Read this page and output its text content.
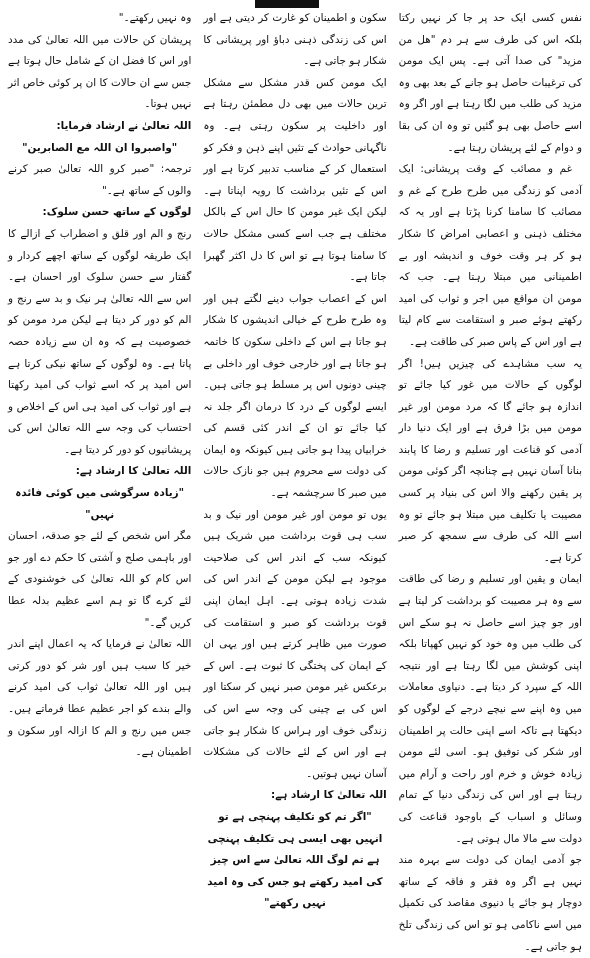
نفس کسی ایک حد پر جا کر نہیں رکتا بلکہ اس کی طرف سے ہر دم "ھل من مزید" کی صدا آتی ہے۔ پس ایک مومن کی ترغیبات حاصل ہو جانے کے بعد بھی وہ مزید کی طلب میں لگا رہتا ہے اور اگر وہ اسے حاصل بھی ہو گئیں تو وہ ان کی بقا و دوام کے لئے پریشان رہتا ہے۔

غم و مصائب کے وقت پریشانی: ایک آدمی کو زندگی میں طرح طرح کے غم و مصائب کا سامنا کرنا پڑتا ہے اور یہ کہ مختلف ذہنی و اعصابی امراض کا شکار ہو کر ہر وقت خوف و اندیشہ اور بے اطمینانی میں مبتلا رہتا ہے۔ جب کہ مومن ان مواقع میں اجر و ثواب کی امید رکھتے ہوئے صبر و استقامت سے کام لیتا ہے اور اس کے پاس صبر کی طاقت ہے۔

یہ سب مشاہدے کی چیزیں ہیں! اگر لوگوں کے حالات میں غور کیا جائے تو اندازہ ہو جائے گا کہ مرد مومن اور غیر مومن میں بڑا فرق ہے اور ایک دنیا دار آدمی کو قناعت اور تسلیم و رضا کا پابند بنانا آسان نہیں ہے چنانچہ اگر کوئی مومن پر یقین رکھنے والا اس کی بنیاد پر کسی مصیبت یا تکلیف میں مبتلا ہو جائے تو وہ اسے اللہ کی طرف سے سمجھ کر صبر کرتا ہے۔

ایمان و یقین اور تسلیم و رضا کی طاقت سے وہ ہر مصیبت کو برداشت کر لیتا ہے اور جو چیز اسے حاصل نہ ہو سکے اس کی طلب میں وہ خود کو نہیں کھپاتا بلکہ اپنی کوشش میں لگا رہتا ہے اور نتیجہ اللہ کے سپرد کر دیتا ہے۔ دنیاوی معاملات میں وہ اپنے سے نیچے درجے کے لوگوں کو دیکھتا ہے تاکہ اسے اپنی حالت پر اطمینان اور شکر کی توفیق ہو۔ اسی لئے مومن زیادہ خوش و خرم اور راحت و آرام میں رہتا ہے اور اس کی زندگی دنیا کے تمام وسائل و اسباب کے باوجود قناعت کی دولت سے مالا مال ہوتی ہے۔

جو آدمی ایمان کی دولت سے بہرہ مند نہیں ہے اگر وہ فقر و فاقہ کے ساتھ دوچار ہو جائے یا دنیوی مقاصد کی تکمیل میں اسے ناکامی ہو تو اس کی زندگی تلخ ہو جاتی ہے۔

سکون و اطمینان کو غارت کر دیتی ہے اور اس کی زندگی ذہنی دباؤ اور پریشانی کا شکار ہو جاتی ہے۔

ایک مومن کس قدر مشکل سے مشکل ترین حالات میں بھی دل مطمئن رہتا ہے اور داخلیت پر سکون رہتی ہے۔ وہ ناگہانی حوادث کے تئیں اپنے ذہن و فکر کو استعمال کر کے مناسب تدبیر کرتا ہے اور اس کے تئیں برداشت کا رویہ اپناتا ہے۔ لیکن ایک غیر مومن کا حال اس کے بالکل مختلف ہے جب اسے کسی مشکل حالات کا سامنا ہوتا ہے تو اس کا دل اکثر گھبرا جاتا ہے۔

اس کے اعصاب جواب دینے لگتے ہیں اور وہ طرح طرح کے خیالی اندیشوں کا شکار ہو جاتا ہے اس کے داخلی سکون کا خاتمہ ہو جاتا ہے اور خارجی خوف اور داخلی بے چینی دونوں اس پر مسلط ہو جاتی ہیں۔ ایسے لوگوں کے درد کا درمان اگر جلد نہ کیا جائے تو ان کے اندر کئی قسم کی خرابیاں پیدا ہو جاتی ہیں کیونکہ وہ ایمان کی دولت سے محروم ہیں جو نازک حالات میں صبر کا سرچشمہ ہے۔

یوں تو مومن اور غیر مومن اور نیک و بد سب ہی قوت برداشت میں شریک ہیں کیونکہ سب کے اندر اس کی صلاحیت موجود ہے لیکن مومن کے اندر اس کی شدت زیادہ ہوتی ہے۔ اہل ایمان اپنی قوت برداشت کو صبر و استقامت کی صورت میں ظاہر کرتے ہیں اور یہی ان کے ایمان کی پختگی کا ثبوت ہے۔ اس کے برعکس غیر مومن صبر نہیں کر سکتا اور اس کی بے چینی کی وجہ سے اس کی زندگی خوف اور ہراس کا شکار ہو جاتی ہے اور اس کے لئے حالات کی مشکلات آسان نہیں ہوتیں۔

اللہ تعالیٰ کا ارشاد ہے:

"اگر تم کو تکلیف پہنچی ہے تو انہیں بھی ایسی ہی تکلیف پہنچی ہے تم لوگ اللہ تعالیٰ سے اس چیز کی امید رکھتے ہو جس کی وہ امید نہیں رکھتے"

وہ نہیں رکھتے۔"

پریشان کن حالات میں اللہ تعالیٰ کی مدد اور اس کا فضل ان کے شامل حال ہوتا ہے جس سے ان حالات کا ان پر کوئی خاص اثر نہیں ہوتا۔

اللہ تعالیٰ نے ارشاد فرمایا:

"واصبروا ان اللہ مع الصابرین"

ترجمہ: "صبر کرو اللہ تعالیٰ صبر کرنے والوں کے ساتھ ہے۔"

لوگوں کے ساتھ حسن سلوک:

رنج و الم اور قلق و اضطراب کے ازالے کا ایک طریقہ لوگوں کے ساتھ اچھے کردار و گفتار سے حسن سلوک اور احسان ہے۔ اس سے اللہ تعالیٰ ہر نیک و بد سے رنج و الم کو دور کر دیتا ہے لیکن مرد مومن کو خصوصیت ہے کہ وہ ان سے زیادہ حصہ پاتا ہے۔ وہ لوگوں کے ساتھ نیکی کرتا ہے اس امید پر کہ اسے ثواب کی امید رکھتا ہے اور ثواب کی امید ہی اس کے اخلاص و احتساب کی وجہ سے اللہ تعالیٰ اس کی پریشانیوں کو دور کر دیتا ہے۔

اللہ تعالیٰ کا ارشاد ہے:

"زیادہ سرگوشی میں کوئی فائدہ نہیں"

مگر اس شخص کے لئے جو صدقہ، احسان اور باہمی صلح و آشتی کا حکم دے اور جو اس کام کو اللہ تعالیٰ کی خوشنودی کے لئے کرے گا تو ہم اسے عظیم بدلہ عطا کریں گے۔"

اللہ تعالیٰ نے فرمایا کہ یہ اعمال اپنے اندر خیر کا سبب ہیں اور شر کو دور کرتی ہیں اور اللہ تعالیٰ ثواب کی امید کرنے والے بندے کو اجر عظیم عطا فرماتے ہیں۔ جس میں رنج و الم کا ازالہ اور سکون و اطمینان ہے۔
